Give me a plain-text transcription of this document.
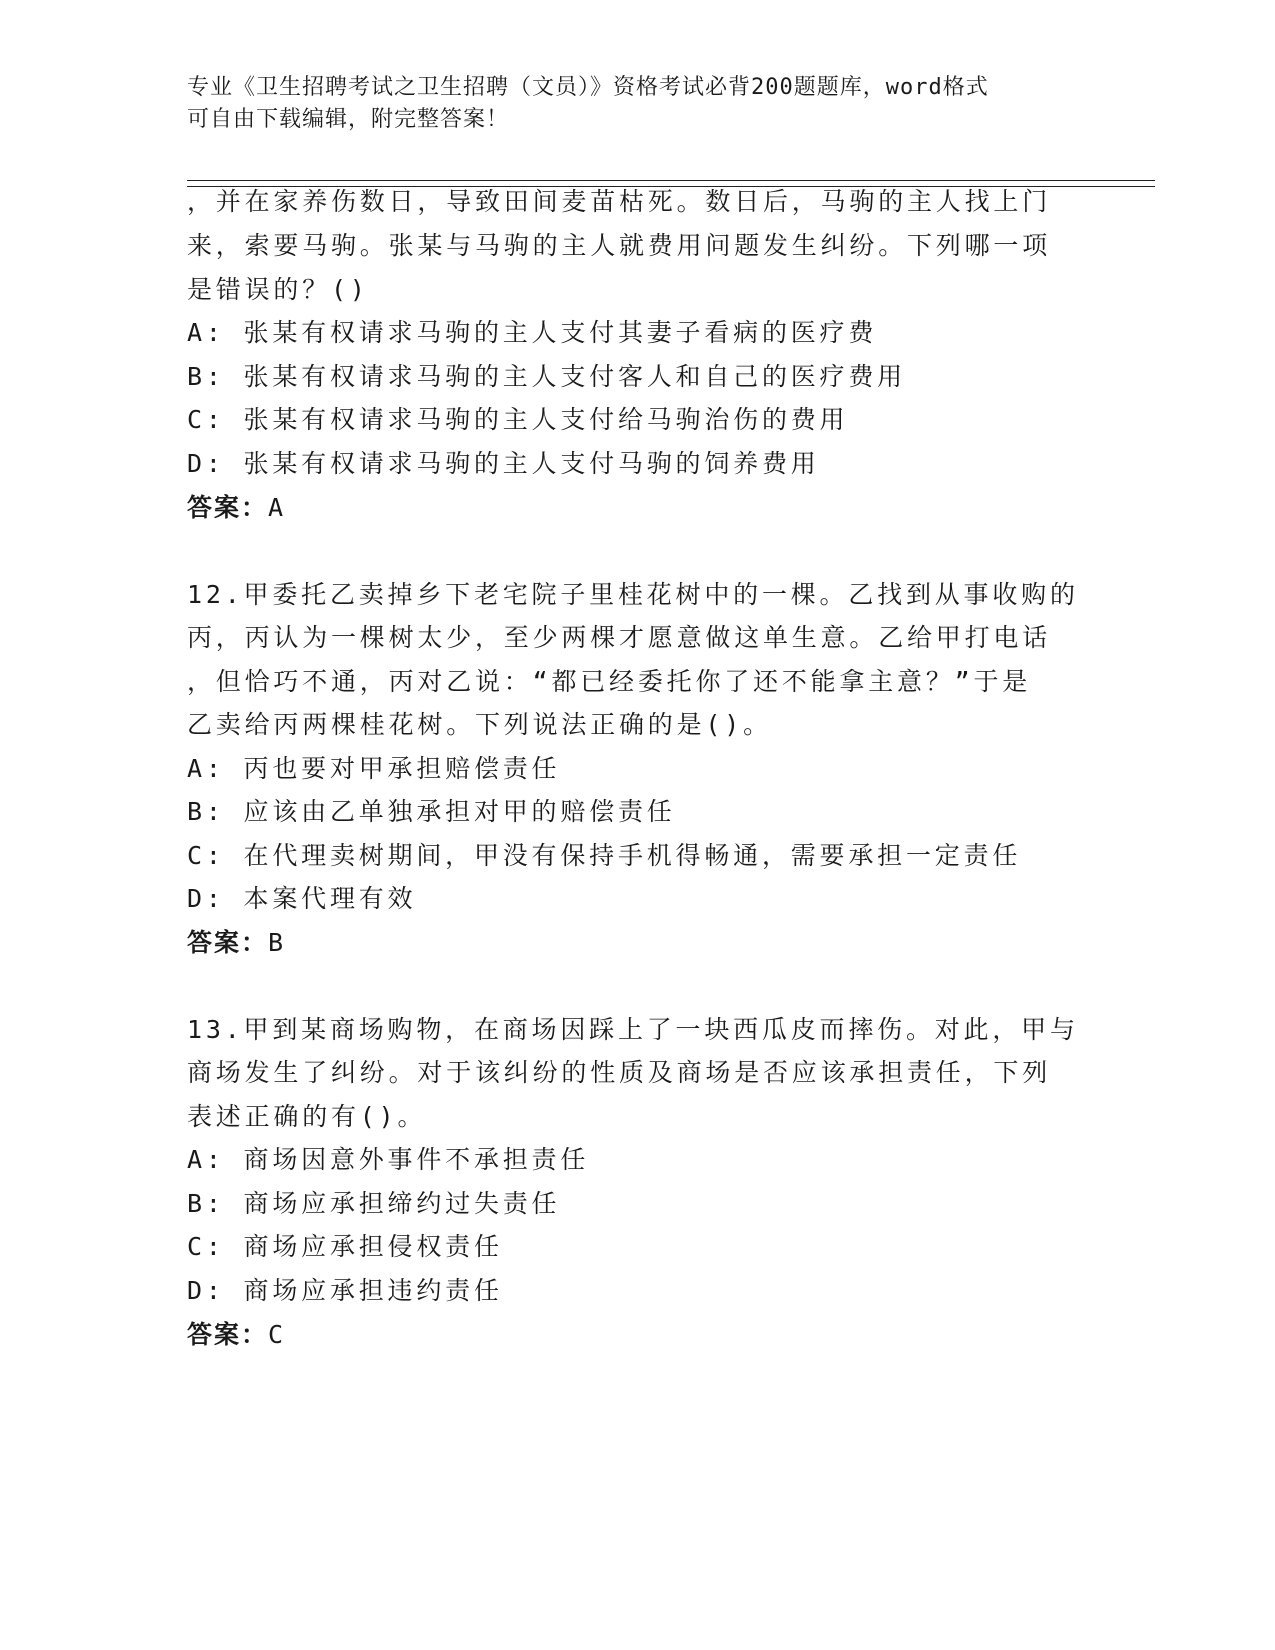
专业《卫生招聘考试之卫生招聘（文员）》资格考试必背200题题库，word格式
可自由下载编辑，附完整答案！
，并在家养伤数日，导致田间麦苗枯死。数日后，马驹的主人找上门
来，索要马驹。张某与马驹的主人就费用问题发生纠纷。下列哪一项
是错误的？()
A: 张某有权请求马驹的主人支付其妻子看病的医疗费
B: 张某有权请求马驹的主人支付客人和自己的医疗费用
C: 张某有权请求马驹的主人支付给马驹治伤的费用
D: 张某有权请求马驹的主人支付马驹的饲养费用
答案：A
12.甲委托乙卖掉乡下老宅院子里桂花树中的一棵。乙找到从事收购的
丙，丙认为一棵树太少，至少两棵才愿意做这单生意。乙给甲打电话
，但恰巧不通，丙对乙说：“都已经委托你了还不能拿主意？”于是
乙卖给丙两棵桂花树。下列说法正确的是()。
A: 丙也要对甲承担赔偿责任
B: 应该由乙单独承担对甲的赔偿责任
C: 在代理卖树期间，甲没有保持手机得畅通，需要承担一定责任
D: 本案代理有效
答案：B
13.甲到某商场购物，在商场因踩上了一块西瓜皮而摔伤。对此，甲与
商场发生了纠纷。对于该纠纷的性质及商场是否应该承担责任，下列
表述正确的有()。
A: 商场因意外事件不承担责任
B: 商场应承担缔约过失责任
C: 商场应承担侵权责任
D: 商场应承担违约责任
答案：C
